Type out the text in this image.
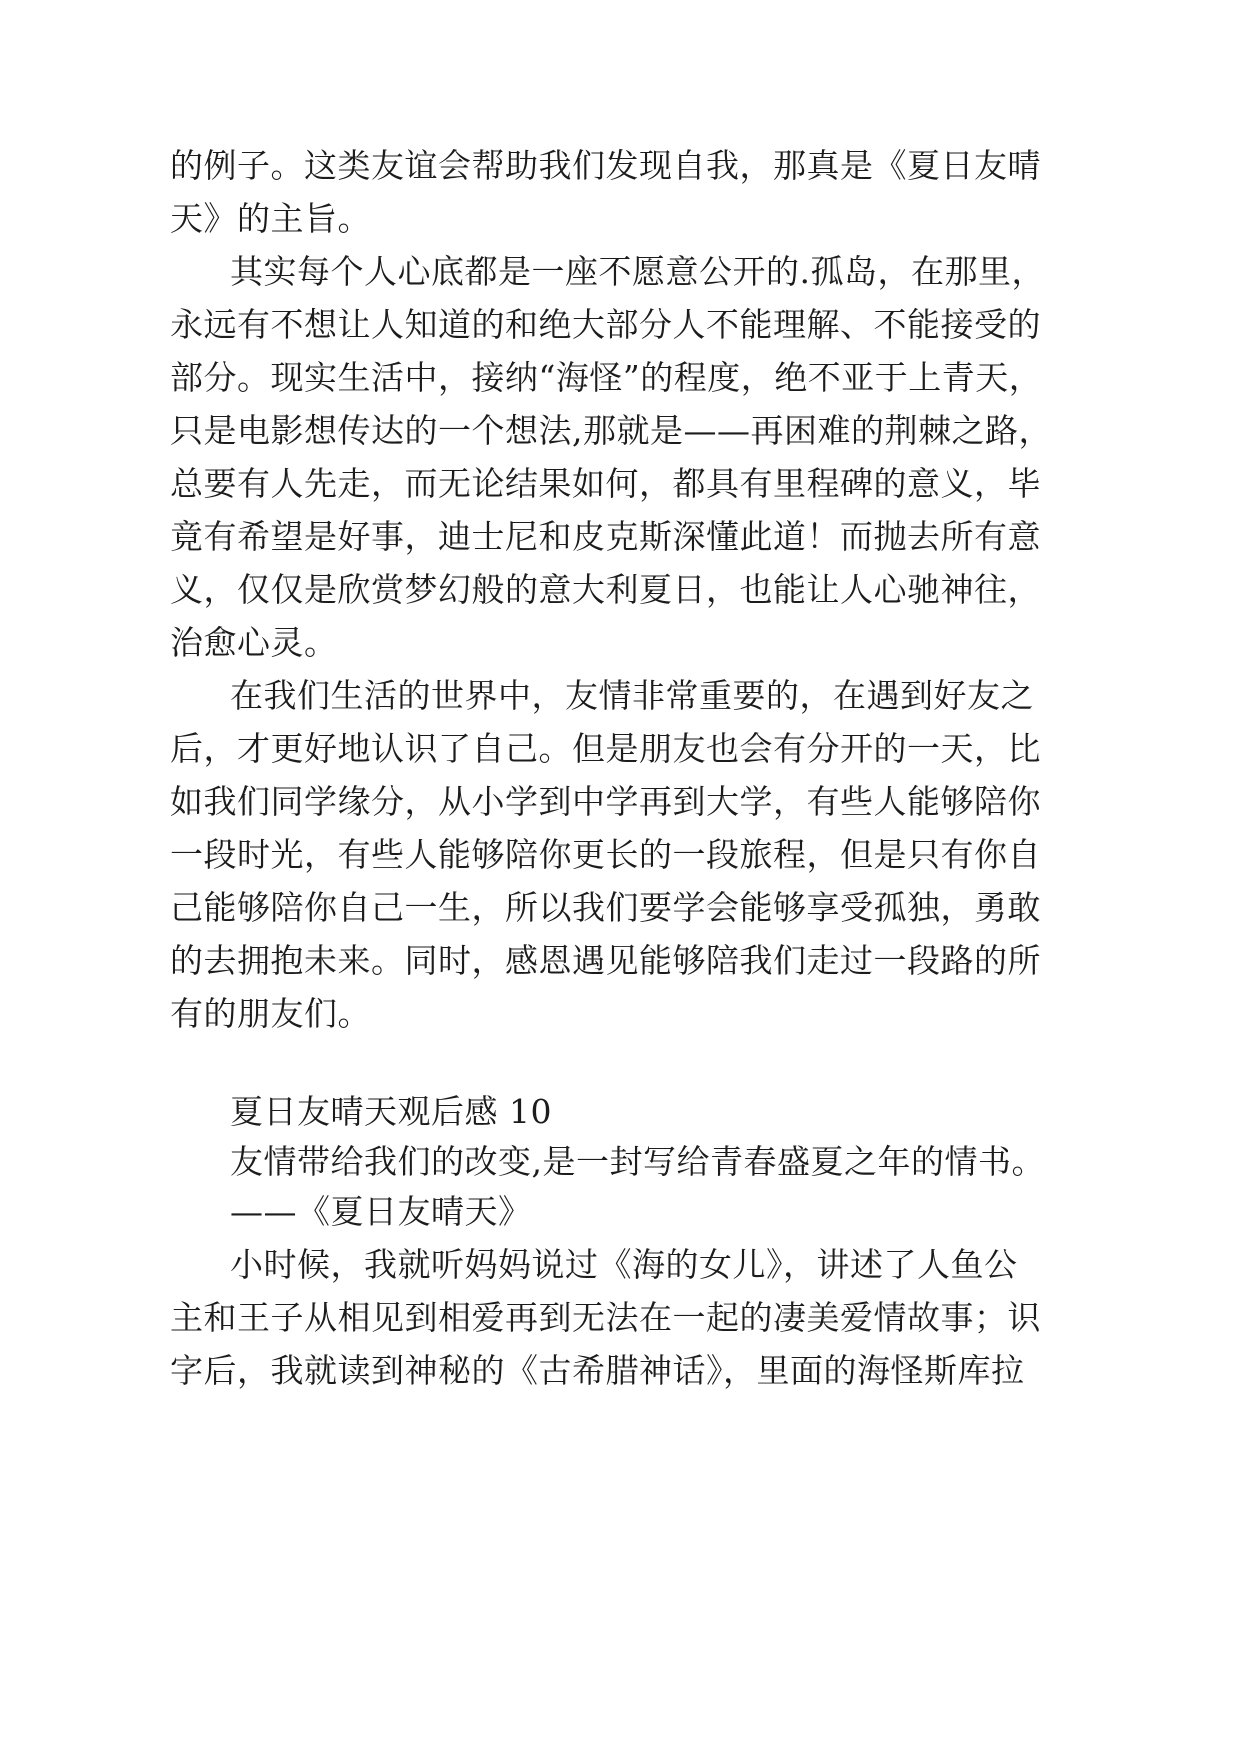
的例子。这类友谊会帮助我们发现自我，那真是《夏日友晴
天》的主旨。
其实每个人心底都是一座不愿意公开的.孤岛，在那里，
永远有不想让人知道的和绝大部分人不能理解、不能接受的
部分。现实生活中，接纳“海怪”的程度，绝不亚于上青天，
只是电影想传达的一个想法,那就是——再困难的荆棘之路，
总要有人先走，而无论结果如何，都具有里程碑的意义，毕
竟有希望是好事，迪士尼和皮克斯深懂此道！而抛去所有意
义，仅仅是欣赏梦幻般的意大利夏日，也能让人心驰神往，
治愈心灵。
在我们生活的世界中，友情非常重要的，在遇到好友之
后，才更好地认识了自己。但是朋友也会有分开的一天，比
如我们同学缘分，从小学到中学再到大学，有些人能够陪你
一段时光，有些人能够陪你更长的一段旅程，但是只有你自
己能够陪你自己一生，所以我们要学会能够享受孤独，勇敢
的去拥抱未来。同时，感恩遇见能够陪我们走过一段路的所
有的朋友们。
夏日友晴天观后感 10
友情带给我们的改变,是一封写给青春盛夏之年的情书。
——《夏日友晴天》
小时候，我就听妈妈说过《海的女儿》，讲述了人鱼公
主和王子从相见到相爱再到无法在一起的凄美爱情故事；识
字后，我就读到神秘的《古希腊神话》，里面的海怪斯库拉
